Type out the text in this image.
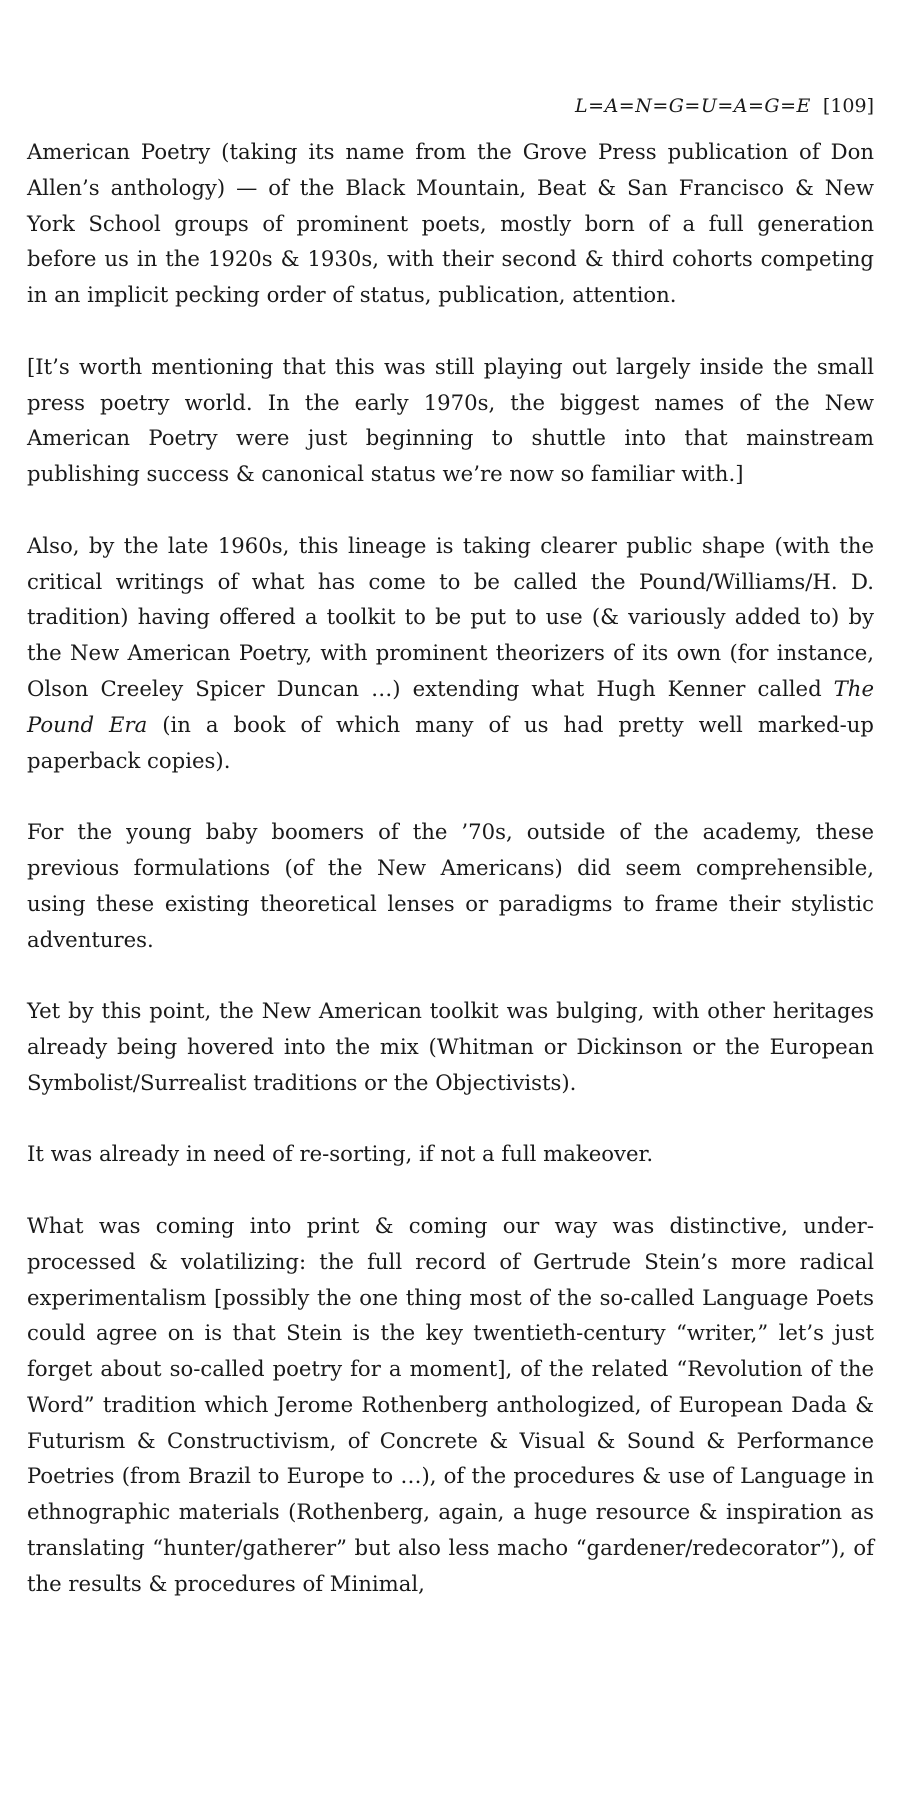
L=A=N=G=U=A=G=E [109]

American Poetry (taking its name from the Grove Press publication of Don Allen’s anthology) — of the Black Mountain, Beat & San Francisco & New York School groups of prominent poets, mostly born of a full generation before us in the 1920s & 1930s, with their second & third cohorts competing in an implicit pecking order of status, publication, attention.

[It’s worth mentioning that this was still playing out largely inside the small press poetry world. In the early 1970s, the biggest names of the New American Poetry were just beginning to shuttle into that mainstream publishing success & canonical status we’re now so familiar with.]

Also, by the late 1960s, this lineage is taking clearer public shape (with the critical writings of what has come to be called the Pound/Williams/H. D. tradition) having offered a toolkit to be put to use (& variously added to) by the New American Poetry, with prominent theorizers of its own (for instance, Olson Creeley Spicer Duncan …) extending what Hugh Kenner called The Pound Era (in a book of which many of us had pretty well marked-up paperback copies).

For the young baby boomers of the ’70s, outside of the academy, these previous formulations (of the New Americans) did seem comprehensible, using these existing theoretical lenses or paradigms to frame their stylistic adventures.

Yet by this point, the New American toolkit was bulging, with other heritages already being hovered into the mix (Whitman or Dickinson or the European Symbolist/Surrealist traditions or the Objectivists).

It was already in need of re-sorting, if not a full makeover.

What was coming into print & coming our way was distinctive, underprocessed & volatilizing: the full record of Gertrude Stein’s more radical experimentalism [possibly the one thing most of the so-called Language Poets could agree on is that Stein is the key twentieth-century “writer,” let’s just forget about so-called poetry for a moment], of the related “Revolution of the Word” tradition which Jerome Rothenberg anthologized, of European Dada & Futurism & Constructivism, of Concrete & Visual & Sound & Performance Poetries (from Brazil to Europe to …), of the procedures & use of Language in ethnographic materials (Rothenberg, again, a huge resource & inspiration as translating “hunter/gatherer” but also less macho “gardener/redecorator”), of the results & procedures of Minimal,
